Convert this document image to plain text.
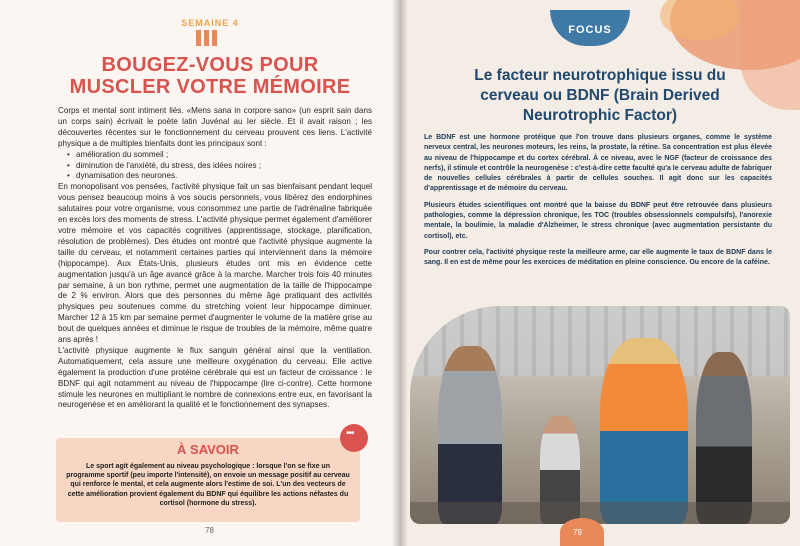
SEMAINE 4
BOUGEZ-VOUS POUR
MUSCLER VOTRE MÉMOIRE

Corps et mental sont intiment liés. «Mens sana in corpore sano» (un esprit sain dans un corps sain) écrivait le poète latin Juvénal au Ier siècle. Et il avait raison ; les découvertes récentes sur le fonctionnement du cerveau prouvent ces liens. L'activité physique a de multiples bienfaits dont les principaux sont :

• amélioration du sommeil ;
• diminution de l'anxiété, du stress, des idées noires ;
• dynamisation des neurones.

En monopolisant vos pensées, l'activité physique fait un sas bienfaisant pendant lequel vous pensez beaucoup moins à vos soucis personnels, vous libérez des endorphines salutaires pour votre organisme, vous consommez une partie de l'adrénaline fabriquée en excès lors des moments de stress. L'activité physique permet également d'améliorer votre mémoire et vos capacités cognitives (apprentissage, stockage, planification, résolution de problèmes). Des études ont montré que l'activité physique augmente la taille du cerveau, et notamment certaines parties qui interviennent dans la mémoire (hippocampe). Aux États-Unis, plusieurs études ont mis en évidence cette augmentation jusqu'à un âge avancé grâce à la marche. Marcher trois fois 40 minutes par semaine, à un bon rythme, permet une augmentation de la taille de l'hippocampe de 2 % environ. Alors que des personnes du même âge pratiquant des activités physiques peu soutenues comme du stretching voient leur hippocampe diminuer. Marcher 12 à 15 km par semaine permet d'augmenter le volume de la matière grise au bout de quelques années et diminue le risque de troubles de la mémoire, même quatre ans après !

L'activité physique augmente le flux sanguin général ainsi que la ventilation. Automatiquement, cela assure une meilleure oxygénation du cerveau. Elle active également la production d'une protéine cérébrale qui est un facteur de croissance : le BDNF qui agit notamment au niveau de l'hippocampe (lire ci-contre). Cette hormone stimule les neurones en multipliant le nombre de connexions entre eux, en favorisant la neurogenèse et en améliorant la qualité et le fonctionnement des synapses.

•••
À SAVOIR
Le sport agit également au niveau psychologique : lorsque l'on se fixe un programme sportif (peu importe l'intensité), on envoie un message positif au cerveau qui renforce le mental, et cela augmente alors l'estime de soi. L'un des vecteurs de cette amélioration provient également du BDNF qui équilibre les actions néfastes du cortisol (hormone du stress).
78
FOCUS
Le facteur neurotrophique issu du
cerveau ou BDNF (Brain Derived
Neurotrophic Factor)

Le BDNF est une hormone protéique que l'on trouve dans plusieurs organes, comme le système nerveux central, les neurones moteurs, les reins, la prostate, la rétine. Sa concentration est plus élevée au niveau de l'hippocampe et du cortex cérébral. À ce niveau, avec le NGF (facteur de croissance des nerfs), il stimule et contrôle la neurogenèse : c'est-à-dire cette faculté qu'a le cerveau adulte de fabriquer de nouvelles cellules cérébrales à partir de cellules souches. Il agit donc sur les capacités d'apprentissage et de mémoire du cerveau.

Plusieurs études scientifiques ont montré que la baisse du BDNF peut être retrouvée dans plusieurs pathologies, comme la dépression chronique, les TOC (troubles obsessionnels compulsifs), l'anorexie mentale, la boulimie, la maladie d'Alzheimer, le stress chronique (avec augmentation persistante du cortisol), etc.

Pour contrer cela, l'activité physique reste la meilleure arme, car elle augmente le taux de BDNF dans le sang. Il en est de même pour les exercices de méditation en pleine conscience. Ou encore de la caféine.

79
